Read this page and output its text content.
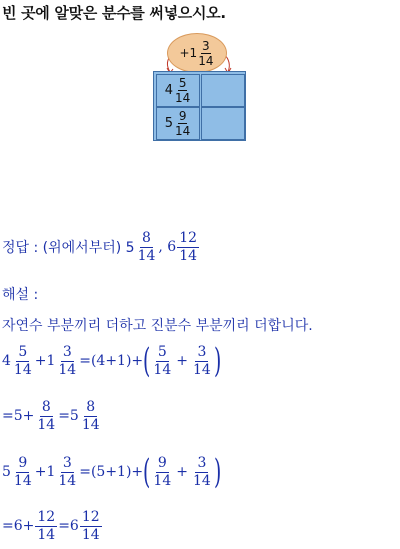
빈 곳에 알맞은 분수를 써넣으시오.
$+1 \frac{3}{14}$
$4 \frac{5}{14}$
$5 \frac{9}{14}$
정답 : (위에서부터) $5 \frac{8}{14}$ , $6 \frac{12}{14}$
해설 :
자연수 부분끼리 더하고 진분수 부분끼리 더합니다.
$4 \frac{5}{14} +1 \frac{3}{14} =(4+1)+$ ( $\frac{5}{14} + \frac{3}{14}$ )
$=5+ \frac{8}{14} =5 \frac{8}{14}$
$5 \frac{9}{14} +1 \frac{3}{14} =(5+1)+$ ( $\frac{9}{14} + \frac{3}{14}$ )
$=6+ \frac{12}{14} =6 \frac{12}{14}$
